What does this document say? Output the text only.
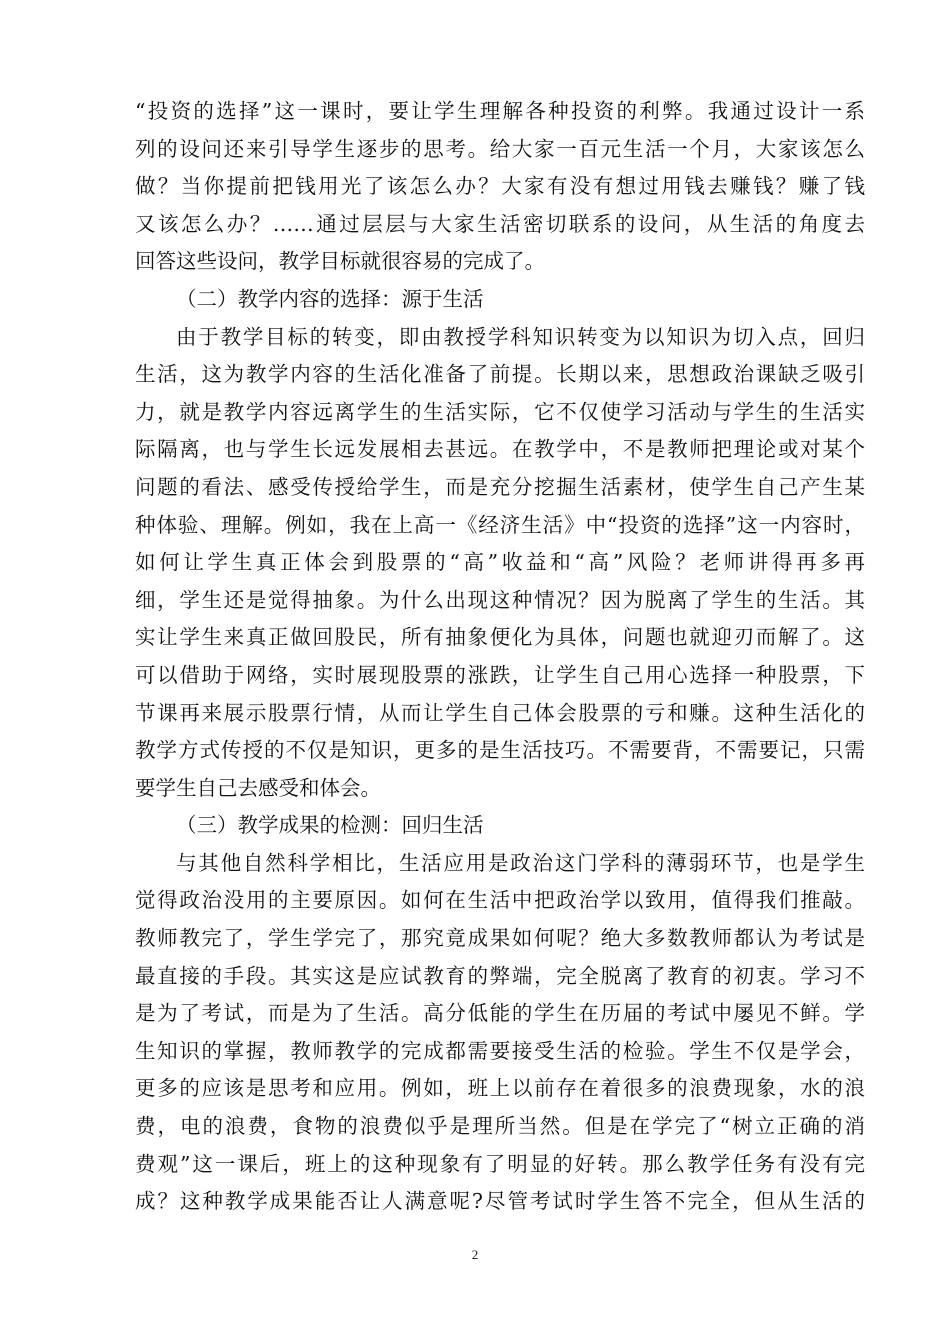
“投资的选择”这一课时，要让学生理解各种投资的利弊。我通过设计一系
列的设问还来引导学生逐步的思考。给大家一百元生活一个月，大家该怎么
做？当你提前把钱用光了该怎么办？大家有没有想过用钱去赚钱？赚了钱
又该怎么办？……通过层层与大家生活密切联系的设问，从生活的角度去
回答这些设问，教学目标就很容易的完成了。
（二）教学内容的选择：源于生活
由于教学目标的转变，即由教授学科知识转变为以知识为切入点，回归
生活，这为教学内容的生活化准备了前提。长期以来，思想政治课缺乏吸引
力，就是教学内容远离学生的生活实际，它不仅使学习活动与学生的生活实
际隔离，也与学生长远发展相去甚远。在教学中，不是教师把理论或对某个
问题的看法、感受传授给学生，而是充分挖掘生活素材，使学生自己产生某
种体验、理解。例如，我在上高一《经济生活》中“投资的选择”这一内容时，
如何让学生真正体会到股票的“高”收益和“高”风险？老师讲得再多再
细，学生还是觉得抽象。为什么出现这种情况？因为脱离了学生的生活。其
实让学生来真正做回股民，所有抽象便化为具体，问题也就迎刃而解了。这
可以借助于网络，实时展现股票的涨跌，让学生自己用心选择一种股票，下
节课再来展示股票行情，从而让学生自己体会股票的亏和赚。这种生活化的
教学方式传授的不仅是知识，更多的是生活技巧。不需要背，不需要记，只需
要学生自己去感受和体会。
（三）教学成果的检测：回归生活
与其他自然科学相比，生活应用是政治这门学科的薄弱环节，也是学生
觉得政治没用的主要原因。如何在生活中把政治学以致用，值得我们推敲。
教师教完了，学生学完了，那究竟成果如何呢？绝大多数教师都认为考试是
最直接的手段。其实这是应试教育的弊端，完全脱离了教育的初衷。学习不
是为了考试，而是为了生活。高分低能的学生在历届的考试中屡见不鲜。学
生知识的掌握，教师教学的完成都需要接受生活的检验。学生不仅是学会，
更多的应该是思考和应用。例如，班上以前存在着很多的浪费现象，水的浪
费，电的浪费，食物的浪费似乎是理所当然。但是在学完了“树立正确的消
费观”这一课后，班上的这种现象有了明显的好转。那么教学任务有没有完
成？这种教学成果能否让人满意呢?尽管考试时学生答不完全，但从生活的
2
